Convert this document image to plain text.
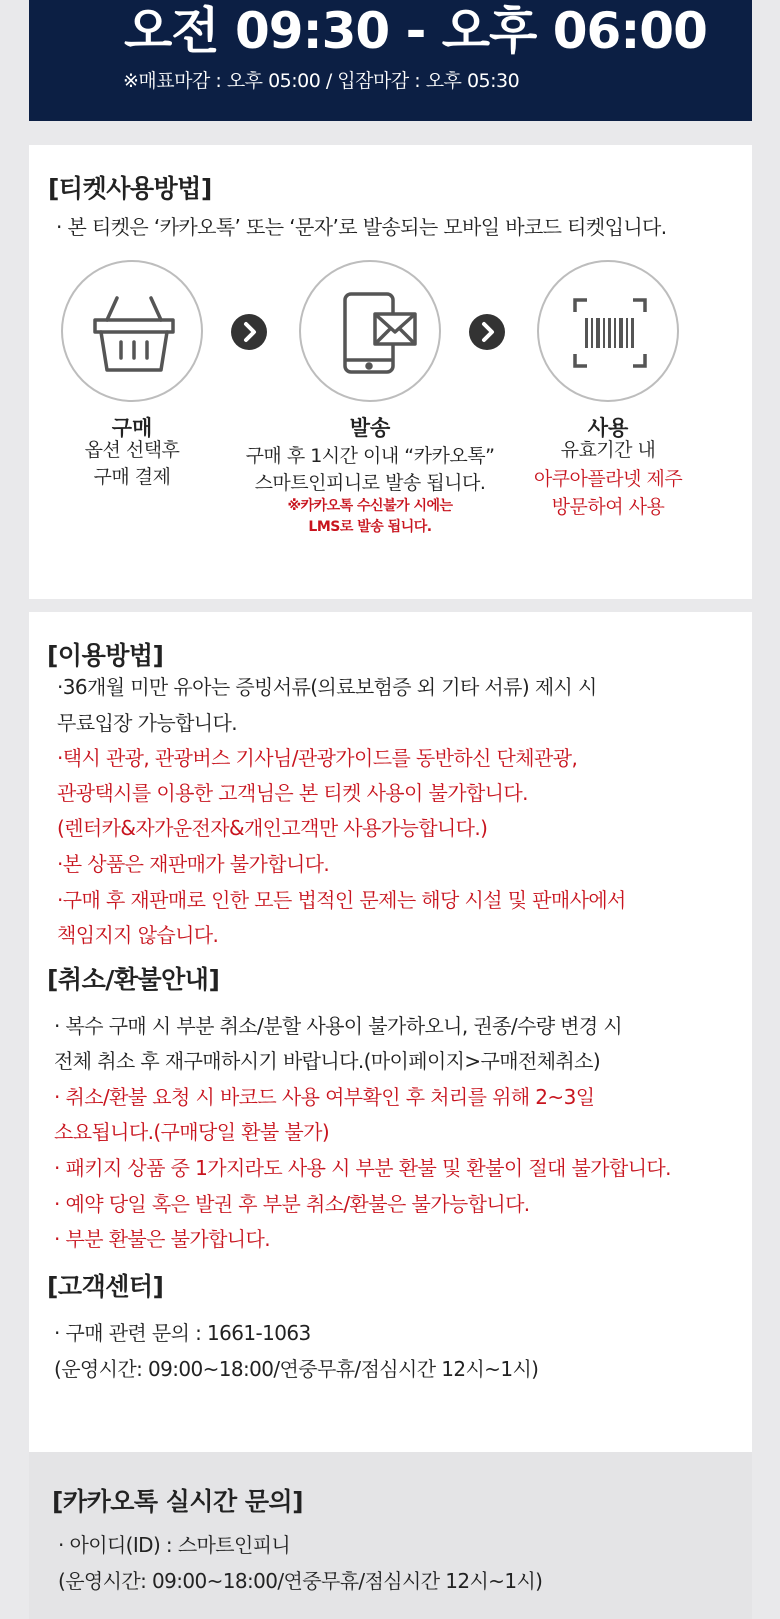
오전 09:30 - 오후 06:00
※매표마감 : 오후 05:00 / 입잠마감 : 오후 05:30
[티켓사용방법]
· 본 티켓은 ‘카카오톡’ 또는 ‘문자’로 발송되는 모바일 바코드 티켓입니다.
구매
옵션 선택후
구매 결제
발송
구매 후 1시간 이내 “카카오톡”
스마트인피니로 발송 됩니다.
※카카오톡 수신불가 시에는
LMS로 발송 됩니다.
사용
유효기간 내
아쿠아플라넷 제주
방문하여 사용
[이용방법]
·36개월 미만 유아는 증빙서류(의료보험증 외 기타 서류) 제시 시
무료입장 가능합니다.
·택시 관광, 관광버스 기사님/관광가이드를 동반하신 단체관광,
관광택시를 이용한 고객님은 본 티켓 사용이 불가합니다.
(렌터카&자가운전자&개인고객만 사용가능합니다.)
·본 상품은 재판매가 불가합니다.
·구매 후 재판매로 인한 모든 법적인 문제는 해당 시설 및 판매사에서
책임지지 않습니다.
[취소/환불안내]
· 복수 구매 시 부분 취소/분할 사용이 불가하오니, 권종/수량 변경 시
전체 취소 후 재구매하시기 바랍니다.(마이페이지>구매전체취소)
· 취소/환불 요청 시 바코드 사용 여부확인 후 처리를 위해 2~3일
소요됩니다.(구매당일 환불 불가)
· 패키지 상품 중 1가지라도 사용 시 부분 환불 및 환불이 절대 불가합니다.
· 예약 당일 혹은 발권 후 부분 취소/환불은 불가능합니다.
· 부분 환불은 불가합니다.
[고객센터]
· 구매 관련 문의 : 1661-1063
(운영시간: 09:00~18:00/연중무휴/점심시간 12시~1시)
[카카오톡 실시간 문의]
· 아이디(ID) : 스마트인피니
(운영시간: 09:00~18:00/연중무휴/점심시간 12시~1시)
